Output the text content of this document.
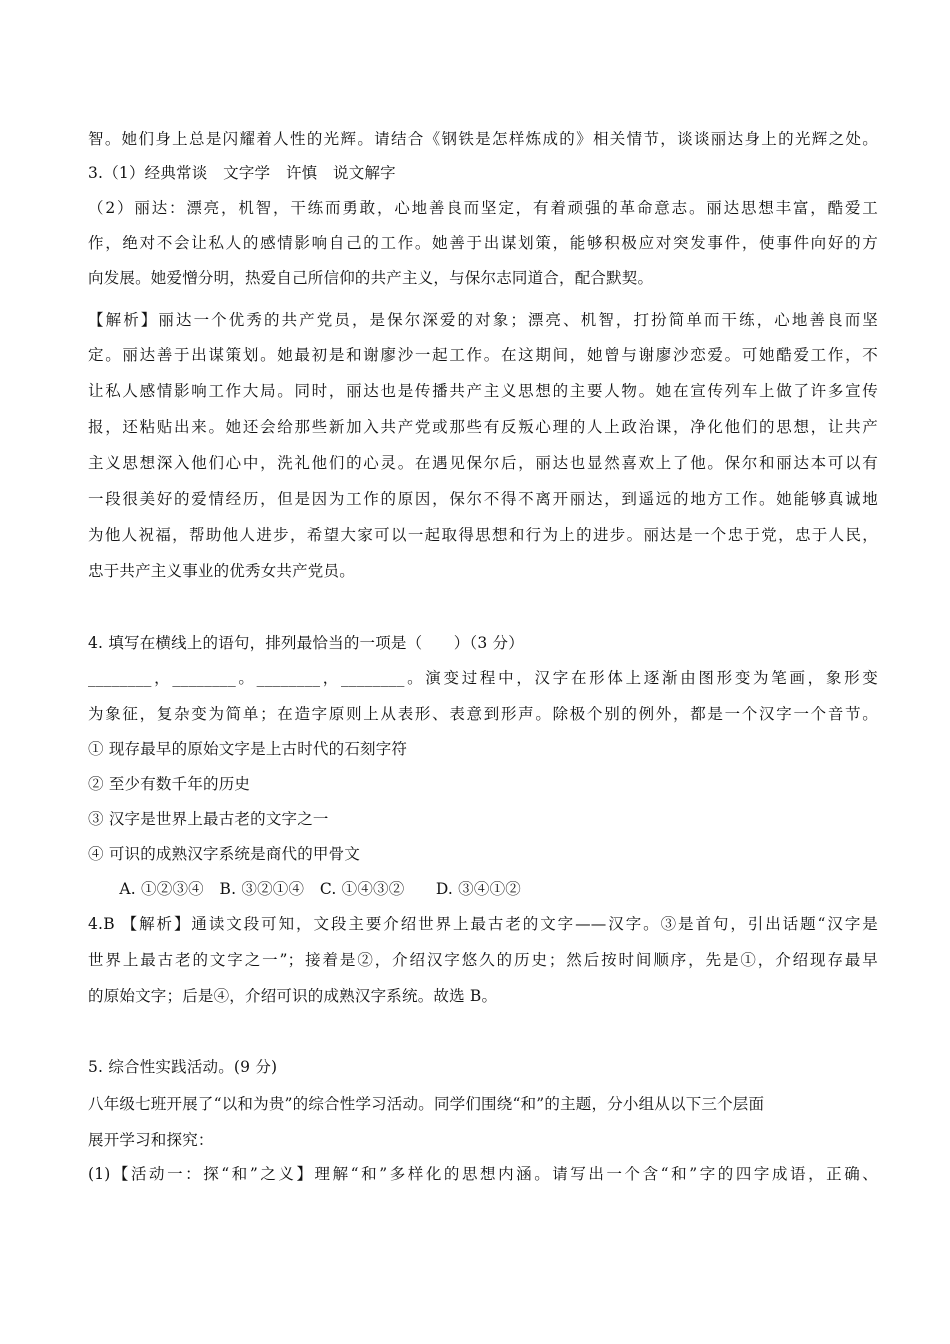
智。她们身上总是闪耀着人性的光辉。请结合《钢铁是怎样炼成的》相关情节，谈谈丽达身上的光辉之处。
3.（1）经典常谈　文字学　许慎　说文解字
（2）丽达：漂亮，机智，干练而勇敢，心地善良而坚定，有着顽强的革命意志。丽达思想丰富，酷爱工
作，绝对不会让私人的感情影响自己的工作。她善于出谋划策，能够积极应对突发事件，使事件向好的方
向发展。她爱憎分明，热爱自己所信仰的共产主义，与保尔志同道合，配合默契。
【解析】丽达一个优秀的共产党员，是保尔深爱的对象；漂亮、机智，打扮简单而干练，心地善良而坚
定。丽达善于出谋策划。她最初是和谢廖沙一起工作。在这期间，她曾与谢廖沙恋爱。可她酷爱工作，不
让私人感情影响工作大局。同时，丽达也是传播共产主义思想的主要人物。她在宣传列车上做了许多宣传
报，还粘贴出来。她还会给那些新加入共产党或那些有反叛心理的人上政治课，净化他们的思想，让共产
主义思想深入他们心中，洗礼他们的心灵。在遇见保尔后，丽达也显然喜欢上了他。保尔和丽达本可以有
一段很美好的爱情经历，但是因为工作的原因，保尔不得不离开丽达，到遥远的地方工作。她能够真诚地
为他人祝福，帮助他人进步，希望大家可以一起取得思想和行为上的进步。丽达是一个忠于党，忠于人民，
忠于共产主义事业的优秀女共产党员。
4. 填写在横线上的语句，排列最恰当的一项是（　　）（3 分）
________，________。________，________。演变过程中，汉字在形体上逐渐由图形变为笔画，象形变
为象征，复杂变为简单；在造字原则上从表形、表意到形声。除极个别的例外，都是一个汉字一个音节。
① 现存最早的原始文字是上古时代的石刻字符
② 至少有数千年的历史
③ 汉字是世界上最古老的文字之一
④ 可识的成熟汉字系统是商代的甲骨文
　　A. ①②③④　B. ③②①④　C. ①④③②　　D. ③④①②
4.B 【解析】通读文段可知，文段主要介绍世界上最古老的文字——汉字。③是首句，引出话题“汉字是
世界上最古老的文字之一”；接着是②，介绍汉字悠久的历史；然后按时间顺序，先是①，介绍现存最早
的原始文字；后是④，介绍可识的成熟汉字系统。故选 B。
5. 综合性实践活动。(9 分)
八年级七班开展了“以和为贵”的综合性学习活动。同学们围绕“和”的主题，分小组从以下三个层面
展开学习和探究：
(1)【活动一：探“和”之义】理解“和”多样化的思想内涵。请写出一个含“和”字的四字成语，正确、
